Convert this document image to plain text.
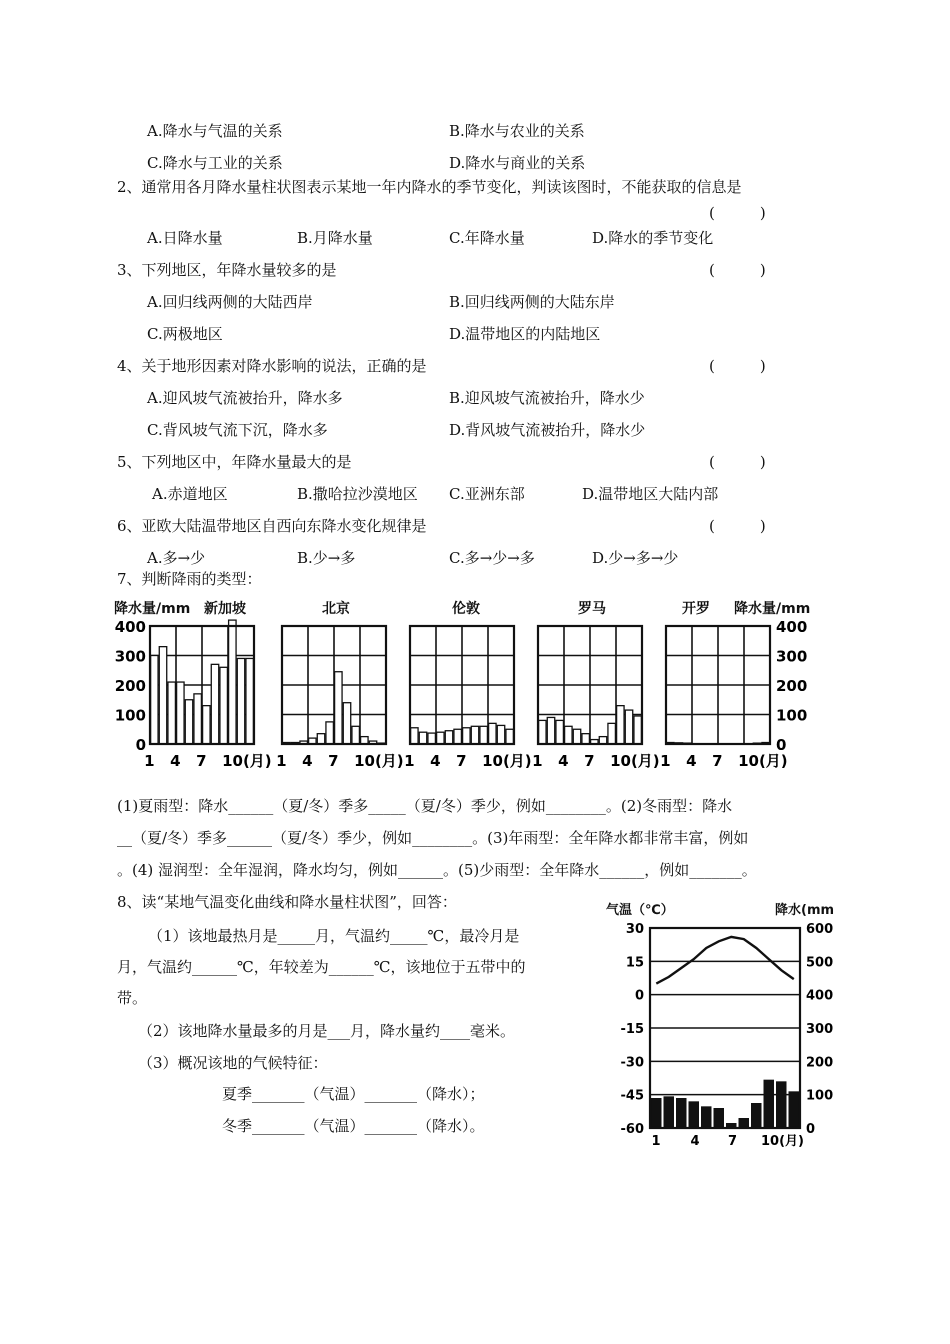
A.降水与气温的关系	B.降水与农业的关系
C.降水与工业的关系	D.降水与商业的关系
2、通常用各月降水量柱状图表示某地一年内降水的季节变化，判读该图时，不能获取的信息是
(　　　)
A.日降水量	B.月降水量	C.年降水量	D.降水的季节变化
3、下列地区，年降水量较多的是	(　　　)
A.回归线两侧的大陆西岸	B.回归线两侧的大陆东岸
C.两极地区	D.温带地区的内陆地区
4、关于地形因素对降水影响的说法，正确的是	(　　　)
A.迎风坡气流被抬升，降水多	B.迎风坡气流被抬升，降水少
C.背风坡气流下沉，降水多	D.背风坡气流被抬升，降水少
5、下列地区中，年降水量最大的是	(　　　)
A.赤道地区	B.撒哈拉沙漠地区 C.亚洲东部	D.温带地区大陆内部
6、亚欧大陆温带地区自西向东降水变化规律是	(　　　)
A.多→少	B.少→多	C.多→少→多	D.少→多→少
7、判断降雨的类型：
降水量/mm	降水量/mm
新加坡	北京	伦敦	罗马	开罗
1 4 7 10(月) 1 4 7 10(月) 1 4 7 10(月) 1 4 7 10(月) 1 4 7 10(月)
400
300
200
100
0
400
300
200
100
0
(1)夏雨型：降水______（夏/冬）季多_____（夏/冬）季少，例如________。(2)冬雨型：降水
__（夏/冬）季多______（夏/冬）季少，例如________。(3)年雨型：全年降水都非常丰富，例如
。(4) 湿润型：全年湿润，降水均匀，例如______。(5)少雨型：全年降水______，例如_______。
8、读“某地气温变化曲线和降水量柱状图”，回答：
（1）该地最热月是_____月，气温约_____℃，最冷月是
月，气温约______℃，年较差为______℃，该地位于五带中的
带。
（2）该地降水量最多的月是___月，降水量约____毫米。
（3）概况该地的气候特征：
夏季_______（气温）_______（降水）；
冬季_______（气温）_______（降水）。
气温（℃）	降水(mm
30
15
0
-15
-30
-45
-60
600
500
400
300
200
100
0
1 4 7 10(月)
